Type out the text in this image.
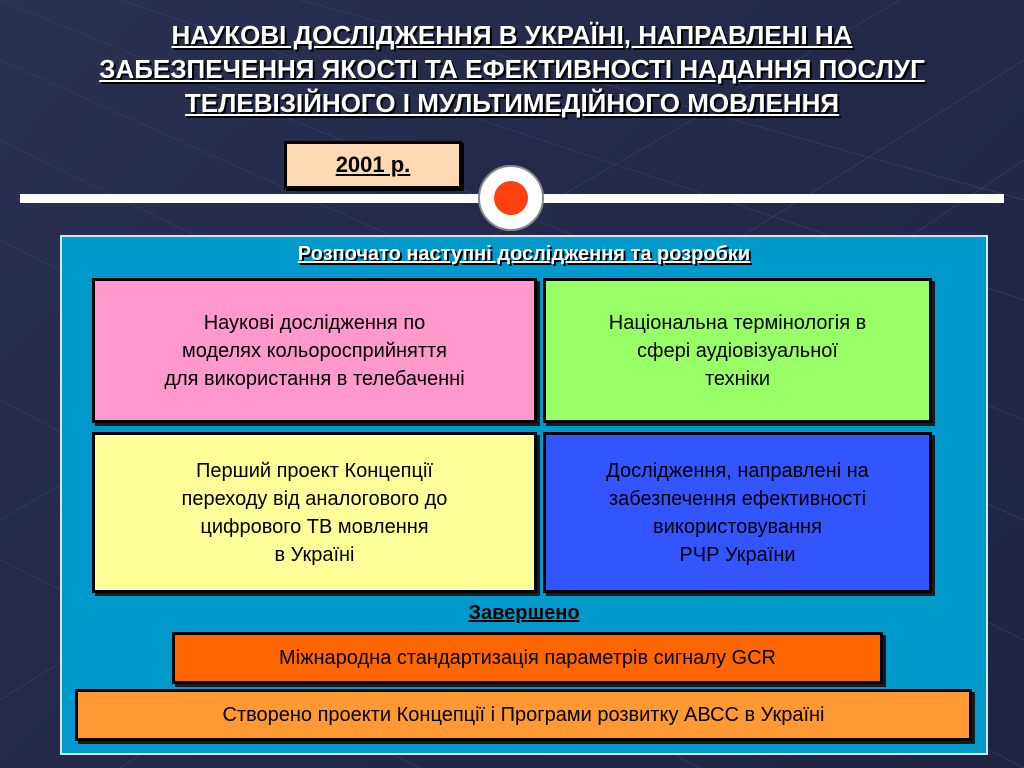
НАУКОВІ ДОСЛІДЖЕННЯ В УКРАЇНІ, НАПРАВЛЕНІ НА
ЗАБЕЗПЕЧЕННЯ ЯКОСТІ ТА ЕФЕКТИВНОСТІ НАДАННЯ ПОСЛУГ
ТЕЛЕВІЗІЙНОГО І МУЛЬТИМЕДІЙНОГО МОВЛЕННЯ
2001 р.
Розпочато наступні дослідження та розробки
Наукові дослідження по
моделях кольоросприйняття
для використання в телебаченні
Національна термінологія в
сфері аудіовізуальної
техніки
Перший проект Концепції
переходу від аналогового до
цифрового ТВ мовлення
в Україні
Дослідження, направлені на
забезпечення ефективності
використовування
РЧР України
Завершено
Міжнародна стандартизація параметрів сигналу GCR
Створено проекти Концепції і Програми розвитку АВСС в Україні
